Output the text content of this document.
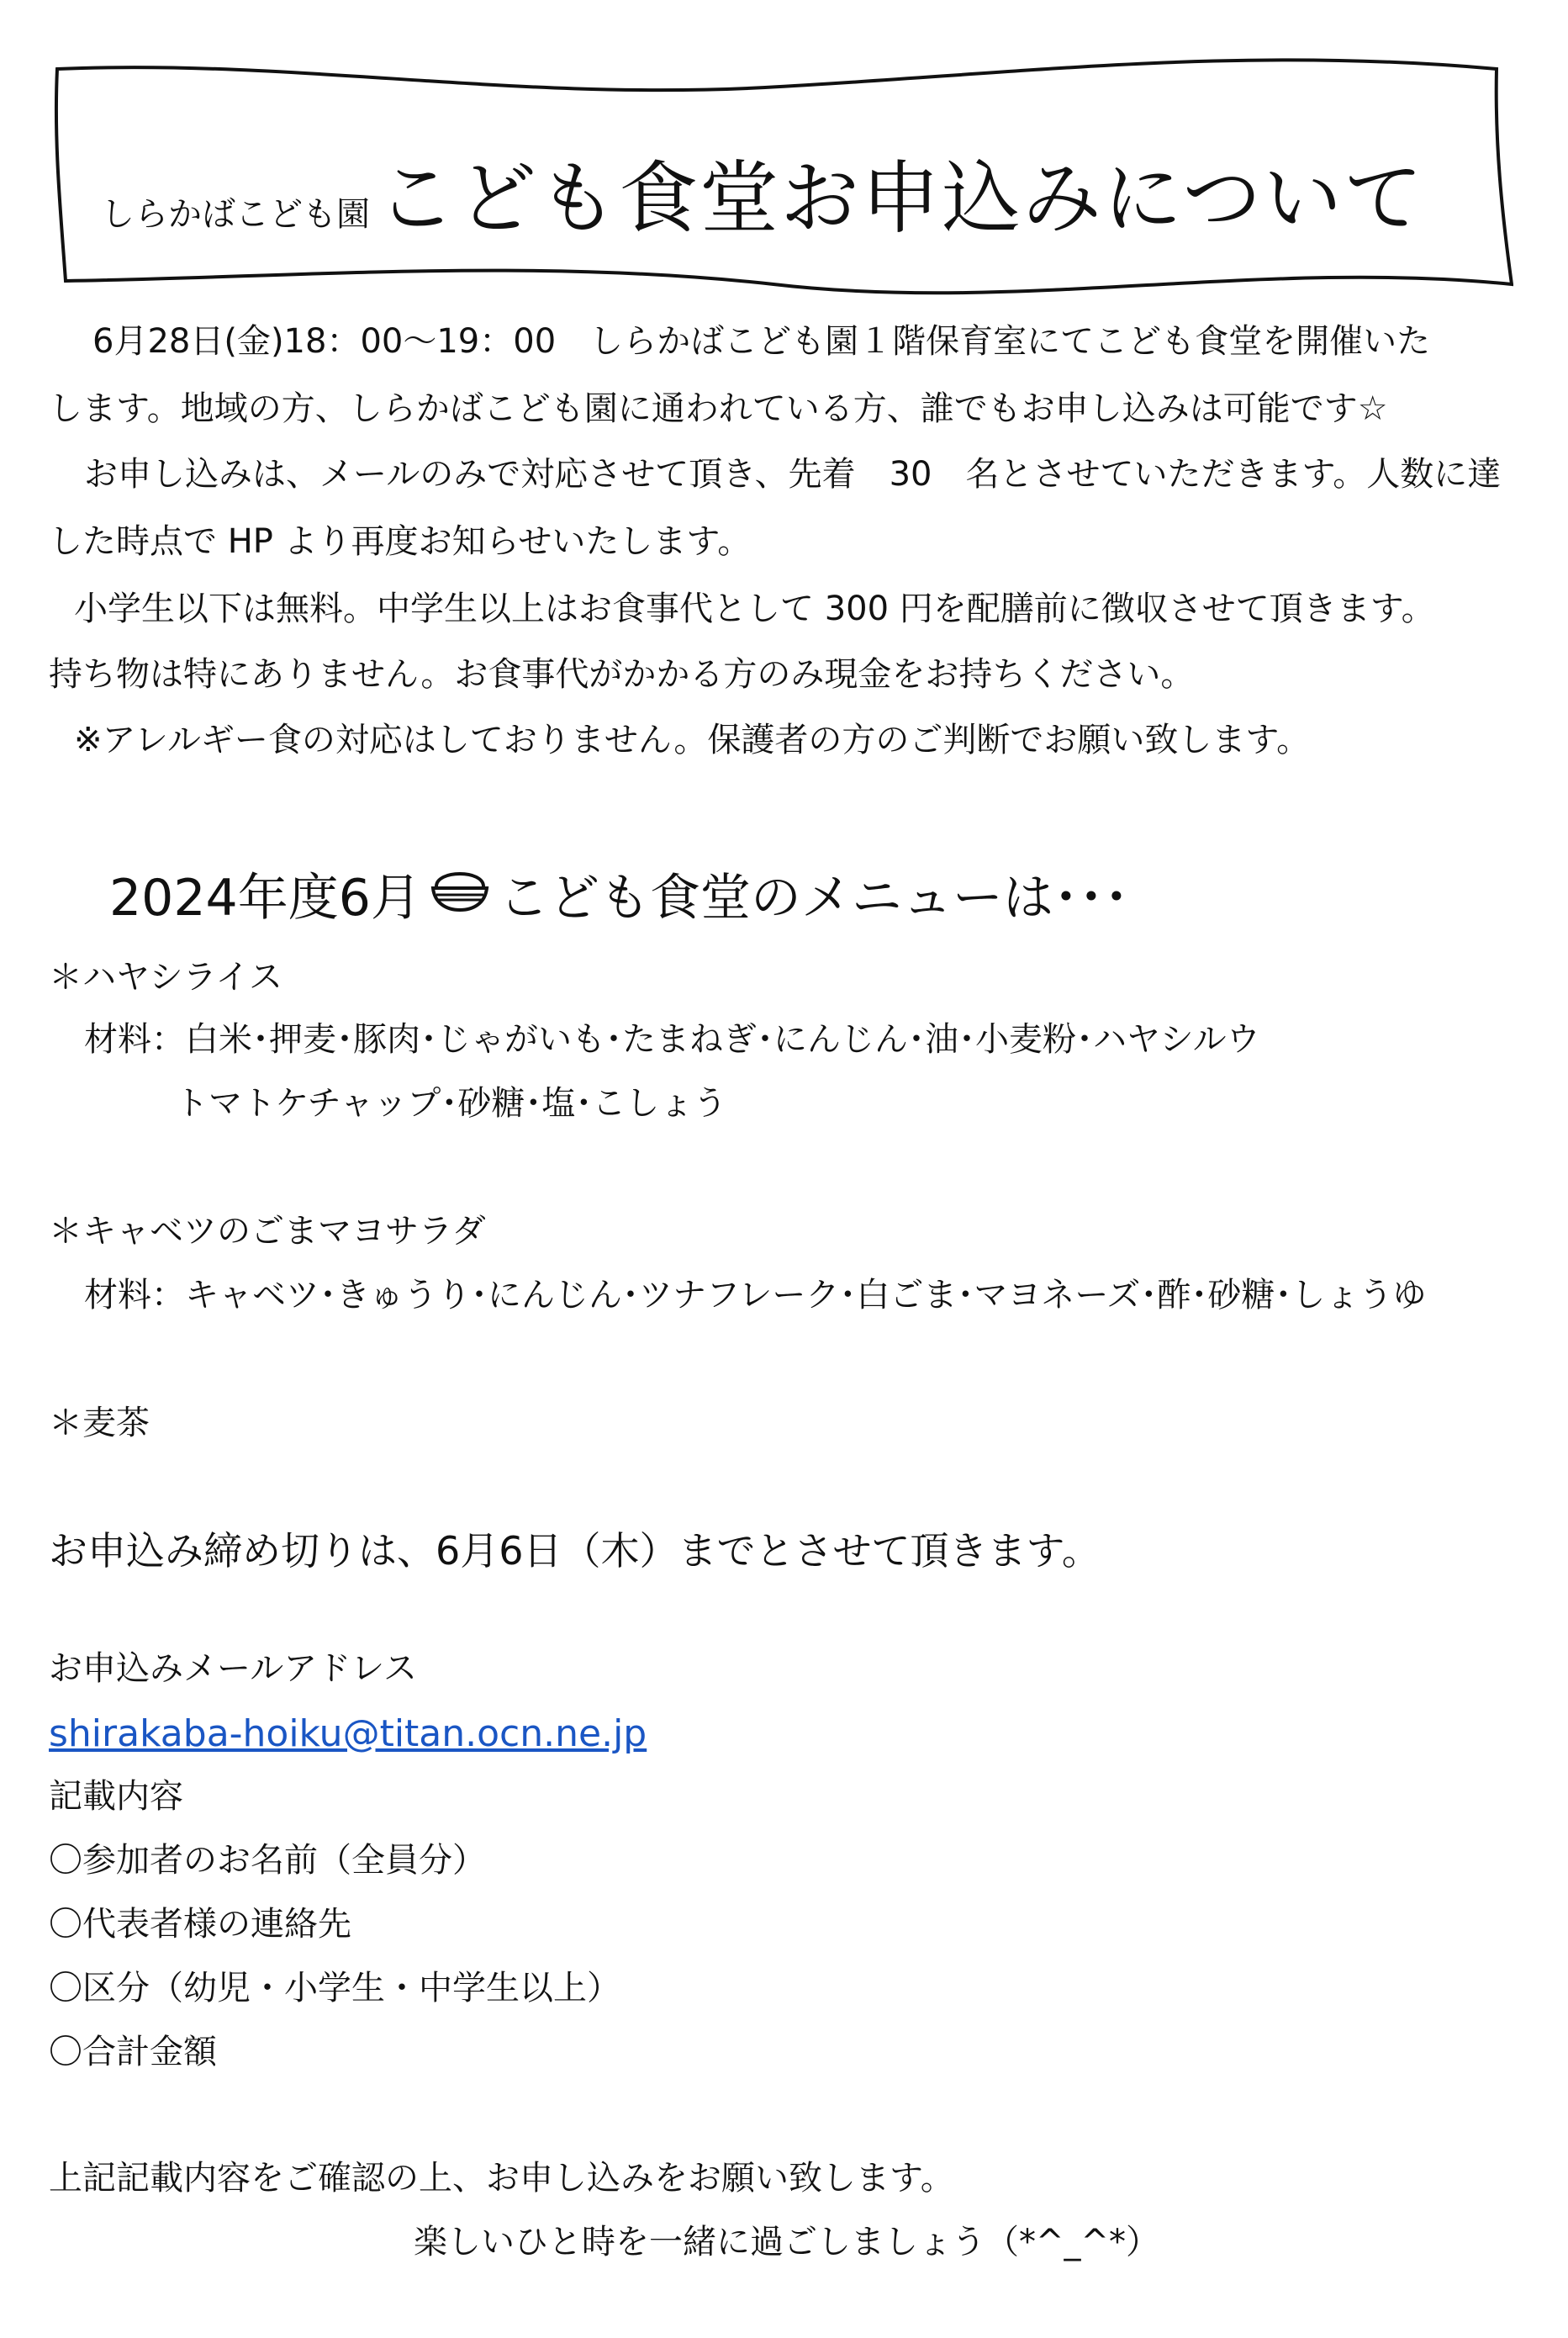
しらかばこども園 こども食堂お申込みについて
6月28日(金)18：00～19：00　しらかばこども園１階保育室にてこども食堂を開催いた
します。地域の方、しらかばこども園に通われている方、誰でもお申し込みは可能です☆
お申し込みは、メールのみで対応させて頂き、先着　30　名とさせていただきます。人数に達
した時点で HP より再度お知らせいたします。
小学生以下は無料。中学生以上はお食事代として 300 円を配膳前に徴収させて頂きます。
持ち物は特にありません。お食事代がかかる方のみ現金をお持ちください。
※アレルギー食の対応はしておりません。保護者の方のご判断でお願い致します。
2024年度6月 こども食堂のメニューは･･･
＊ハヤシライス
材料：白米･押麦･豚肉･じゃがいも･たまねぎ･にんじん･油･小麦粉･ハヤシルウ
トマトケチャップ･砂糖･塩･こしょう
＊キャベツのごまマヨサラダ
材料：キャベツ･きゅうり･にんじん･ツナフレーク･白ごま･マヨネーズ･酢･砂糖･しょうゆ
＊麦茶
お申込み締め切りは、6月6日（木）までとさせて頂きます。
お申込みメールアドレス
shirakaba-hoiku@titan.ocn.ne.jp
記載内容
〇参加者のお名前（全員分）
〇代表者様の連絡先
〇区分（幼児・小学生・中学生以上）
〇合計金額
上記記載内容をご確認の上、お申し込みをお願い致します。
楽しいひと時を一緒に過ごしましょう（*^_^*）
